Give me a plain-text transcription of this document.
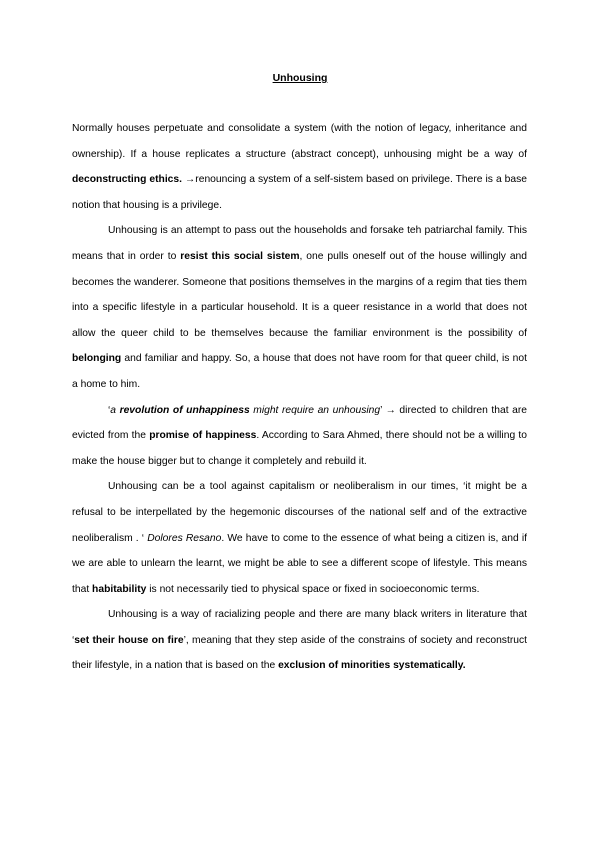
Unhousing

Normally houses perpetuate and consolidate a system (with the notion of legacy, inheritance and ownership). If a house replicates a structure (abstract concept), unhousing might be a way of deconstructing ethics. →renouncing a system of a self-sistem based on privilege. There is a base notion that housing is a privilege.

Unhousing is an attempt to pass out the households and forsake teh patriarchal family. This means that in order to resist this social sistem, one pulls oneself out of the house willingly and becomes the wanderer. Someone that positions themselves in the margins of a regim that ties them into a specific lifestyle in a particular household. It is a queer resistance in a world that does not allow the queer child to be themselves because the familiar environment is the possibility of belonging and familiar and happy. So, a house that does not have room for that queer child, is not a home to him.

‘a revolution of unhappiness might require an unhousing’ → directed to children that are evicted from the promise of happiness. According to Sara Ahmed, there should not be a willing to make the house bigger but to change it completely and rebuild it.

Unhousing can be a tool against capitalism or neoliberalism in our times, ‘it might be a refusal to be interpellated by the hegemonic discourses of the national self and of the extractive neoliberalism . ‘ Dolores Resano. We have to come to the essence of what being a citizen is, and if we are able to unlearn the learnt, we might be able to see a different scope of lifestyle. This means that habitability is not necessarily tied to physical space or fixed in socioeconomic terms.

Unhousing is a way of racializing people and there are many black writers in literature that ‘set their house on fire’, meaning that they step aside of the constrains of society and reconstruct their lifestyle, in a nation that is based on the exclusion of minorities systematically.
